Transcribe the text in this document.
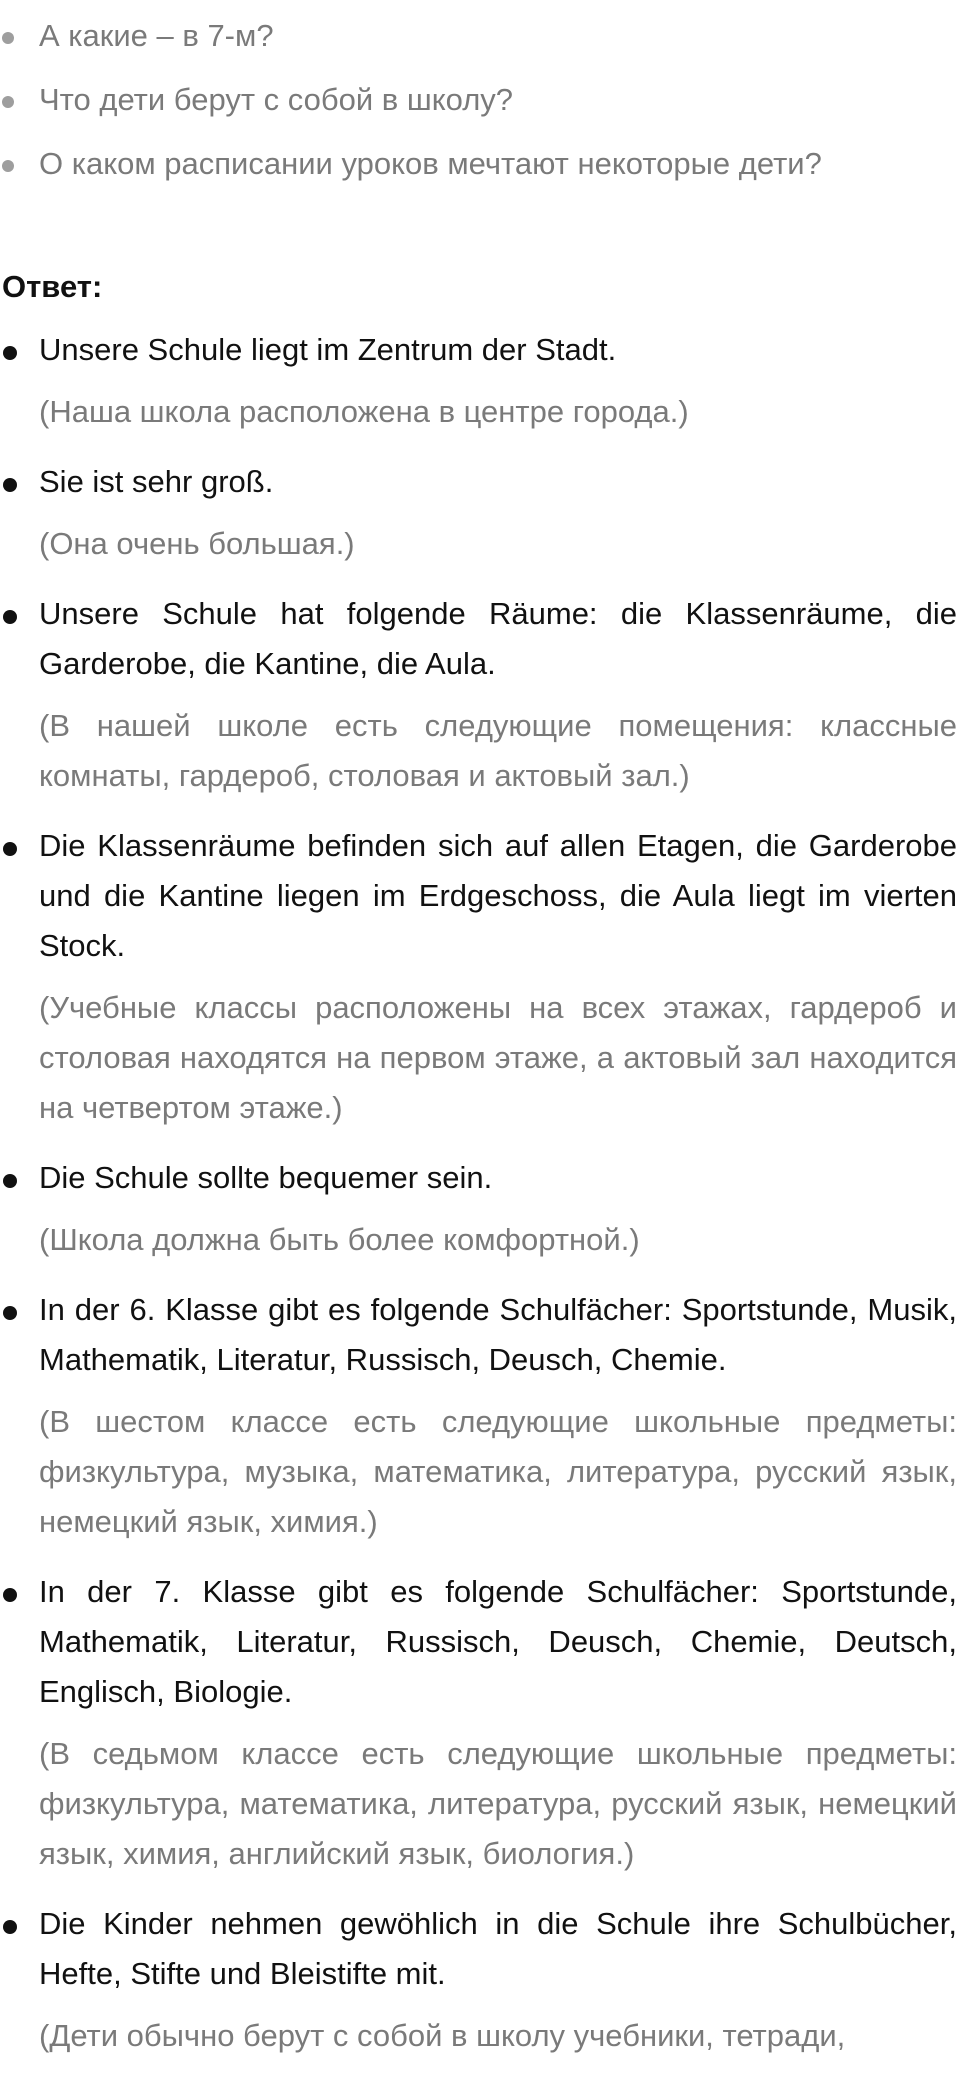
А какие – в 7-м?
Что дети берут с собой в школу?
О каком расписании уроков мечтают некоторые дети?
Ответ:

Unsere Schule liegt im Zentrum der Stadt.

(Наша школа расположена в центре города.)

Sie ist sehr groß.

(Она очень большая.)

Unsere Schule hat folgende Räume: die Klassenräume, die Garderobe, die Kantine, die Aula.

(В нашей школе есть следующие помещения: классные комнаты, гардероб, столовая и актовый зал.)

Die Klassenräume befinden sich auf allen Etagen, die Garderobe und die Kantine liegen im Erdgeschoss, die Aula liegt im vierten Stock.

(Учебные классы расположены на всех этажах, гардероб и столовая находятся на первом этаже, а актовый зал находится на четвертом этаже.)

Die Schule sollte bequemer sein.

(Школа должна быть более комфортной.)

In der 6. Klasse gibt es folgende Schulfächer: Sportstunde, Musik, Mathematik, Literatur, Russisch, Deusch, Chemie.

(В шестом классе есть следующие школьные предметы: физкультура, музыка, математика, литература, русский язык, немецкий язык, химия.)

In der 7. Klasse gibt es folgende Schulfächer: Sportstunde, Mathematik, Literatur, Russisch, Deusch, Chemie, Deutsch, Englisch, Biologie.

(В седьмом классе есть следующие школьные предметы: физкультура, математика, литература, русский язык, немецкий язык, химия, английский язык, биология.)

Die Kinder nehmen gewöhlich in die Schule ihre Schulbücher, Hefte, Stifte und Bleistifte mit.

(Дети обычно берут с собой в школу учебники, тетради,
